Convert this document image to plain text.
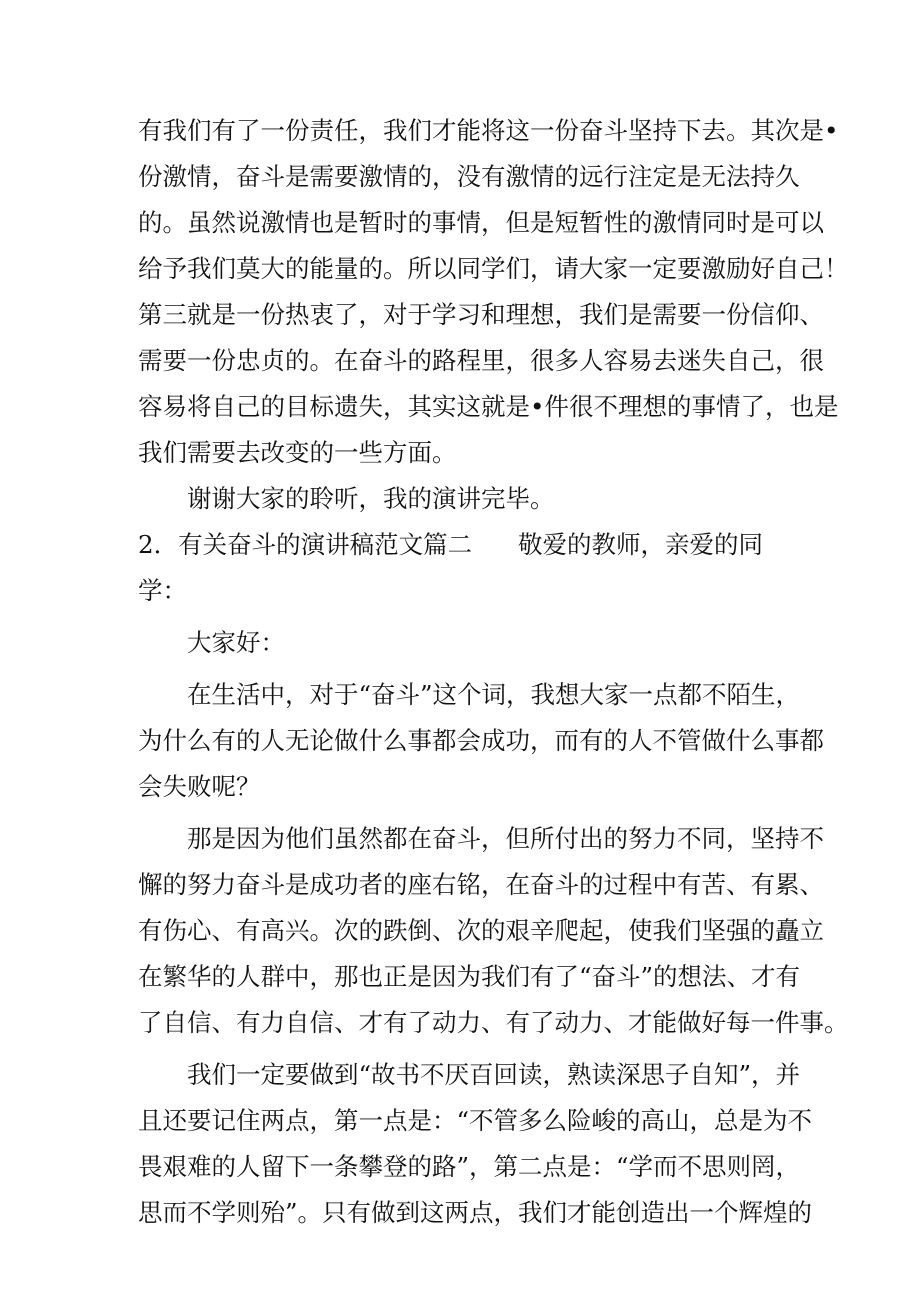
有我们有了一份责任，我们才能将这一份奋斗坚持下去。其次是•
份激情，奋斗是需要激情的，没有激情的远行注定是无法持久
的。虽然说激情也是暂时的事情，但是短暂性的激情同时是可以
给予我们莫大的能量的。所以同学们，请大家一定要激励好自己！
第三就是一份热衷了，对于学习和理想，我们是需要一份信仰、
需要一份忠贞的。在奋斗的路程里，很多人容易去迷失自己，很
容易将自己的目标遗失，其实这就是•件很不理想的事情了，也是
我们需要去改变的一些方面。
谢谢大家的聆听，我的演讲完毕。
2．有关奋斗的演讲稿范文篇二 敬爱的教师，亲爱的同
学：
大家好：
在生活中，对于“奋斗”这个词，我想大家一点都不陌生，
为什么有的人无论做什么事都会成功，而有的人不管做什么事都
会失败呢？
那是因为他们虽然都在奋斗，但所付出的努力不同，坚持不
懈的努力奋斗是成功者的座右铭，在奋斗的过程中有苦、有累、
有伤心、有高兴。次的跌倒、次的艰辛爬起，使我们坚强的矗立
在繁华的人群中，那也正是因为我们有了“奋斗”的想法、才有
了自信、有力自信、才有了动力、有了动力、才能做好每一件事。
我们一定要做到“故书不厌百回读，熟读深思子自知”，并
且还要记住两点，第一点是：“不管多么险峻的高山，总是为不
畏艰难的人留下一条攀登的路”，第二点是：“学而不思则罔，
思而不学则殆”。只有做到这两点，我们才能创造出一个辉煌的
